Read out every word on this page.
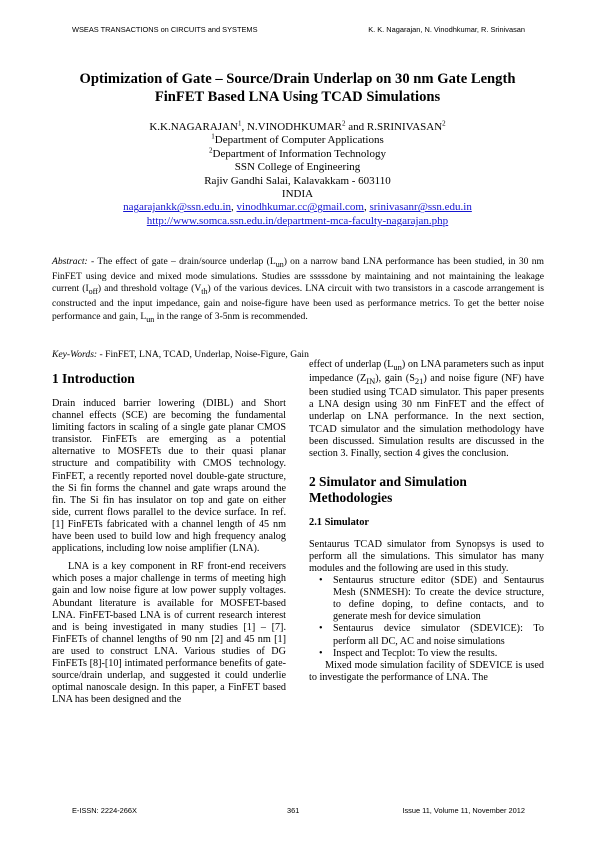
WSEAS TRANSACTIONS on CIRCUITS and SYSTEMS	K. K. Nagarajan, N. Vinodhkumar, R. Srinivasan
Optimization of Gate – Source/Drain Underlap on 30 nm Gate Length
FinFET Based LNA Using TCAD Simulations
K.K.NAGARAJAN$^1$, N.VINODHKUMAR$^2$ and R.SRINIVASAN$^2$
$^1$Department of Computer Applications
$^2$Department of Information Technology
SSN College of Engineering
Rajiv Gandhi Salai, Kalavakkam - 603110
INDIA
nagarajankk@ssn.edu.in, vinodhkumar.cc@gmail.com, srinivasanr@ssn.edu.in
http://www.somca.ssn.edu.in/department-mca-faculty-nagarajan.php
Abstract: - The effect of gate – drain/source underlap $(L_{un})$ on a narrow band LNA performance has been studied, in 30 nm FinFET using device and mixed mode simulations. Studies are sssssdone by maintaining and not maintaining the leakage current $(I_{off})$ and threshold voltage $(V_{th})$ of the various devices. LNA circuit with two transistors in a cascode arrangement is constructed and the input impedance, gain and noise-figure have been used as performance metrics. To get the better noise performance and gain, $L_{un}$ in the range of 3-5nm is recommended.
Key-Words: - FinFET, LNA, TCAD, Underlap, Noise-Figure, Gain
1 Introduction

Drain induced barrier lowering (DIBL) and Short channel effects (SCE) are becoming the fundamental limiting factors in scaling of a single gate planar CMOS transistor. FinFETs are emerging as a potential alternative to MOSFETs due to their quasi planar structure and compatibility with CMOS technology. FinFET, a recently reported novel double-gate structure, the Si fin forms the channel and gate wraps around the fin. The Si fin has insulator on top and gate on either side, current flows parallel to the device surface. In ref. [1] FinFETs fabricated with a channel length of 45 nm have been used to build low and high frequency analog applications, including low noise amplifier (LNA).

LNA is a key component in RF front-end receivers which poses a major challenge in terms of meeting high gain and low noise figure at low power supply voltages. Abundant literature is available for MOSFET-based LNA. FinFET-based LNA is of current research interest and is being investigated in many studies [1] – [7]. FinFETs of channel lengths of 90 nm [2] and 45 nm [1] are used to construct LNA. Various studies of DG FinFETs [8]-[10] intimated performance benefits of gate-source/drain underlap, and suggested it could underlie optimal nanoscale design. In this paper, a FinFET based LNA has been designed and the

effect of underlap $(L_{un})$ on LNA parameters such as input impedance $(Z_{IN})$, gain $(S_{21})$ and noise figure (NF) have been studied using TCAD simulator. This paper presents a LNA design using 30 nm FinFET and the effect of underlap on LNA performance. In the next section, TCAD simulator and the simulation methodology have been discussed. Simulation results are discussed in the section 3. Finally, section 4 gives the conclusion.

2 Simulator and Simulation
Methodologies
2.1 Simulator

Sentaurus TCAD simulator from Synopsys is used to perform all the simulations. This simulator has many modules and the following are used in this study.

• Sentaurus structure editor (SDE) and Sentaurus Mesh (SNMESH): To create the device structure, to define doping, to define contacts, and to generate mesh for device simulation
• Sentaurus device simulator (SDEVICE): To perform all DC, AC and noise simulations
• Inspect and Tecplot: To view the results.

Mixed mode simulation facility of SDEVICE is used to investigate the performance of LNA. The

E-ISSN: 2224-266X	361	Issue 11, Volume 11, November 2012
